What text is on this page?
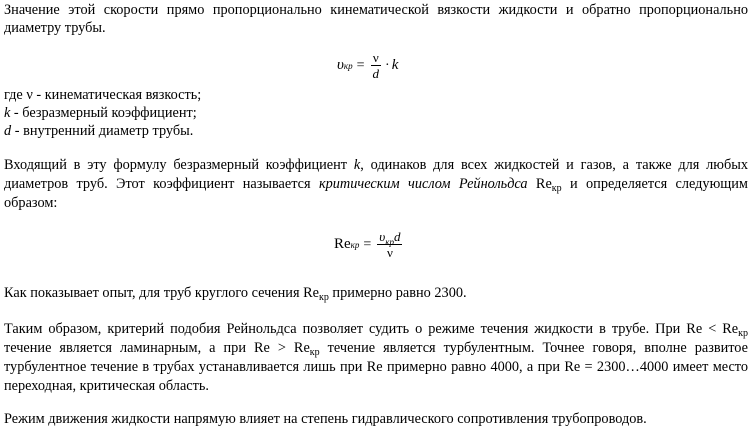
Значение этой скорости прямо пропорционально кинематической вязкости жидкости и обратно пропорционально диаметру трубы.

υ кр = $\frac{\nu}{d} \cdot k$

где ν - кинематическая вязкость;

k - безразмерный коэффициент;

d - внутренний диаметр трубы.

Входящий в эту формулу безразмерный коэффициент k, одинаков для всех жидкостей и газов, а также для любых диаметров труб. Этот коэффициент называется критическим числом Рейнольдса $Re_{кр}$ и определяется следующим образом:

Re кр = $\frac{\upsilon_{кр}d}{\nu}$

Как показывает опыт, для труб круглого сечения $Re_{кр}$ примерно равно 2300.

Таким образом, критерий подобия Рейнольдса позволяет судить о режиме течения жидкости в трубе. При $Re < Re_{кр}$ течение является ламинарным, а при $Re > Re_{кр}$ течение является турбулентным. Точнее говоря, вполне развитое турбулентное течение в трубах устанавливается лишь при Re примерно равно 4000, а при Re = 2300…4000 имеет место переходная, критическая область.

Режим движения жидкости напрямую влияет на степень гидравлического сопротивления трубопроводов.
